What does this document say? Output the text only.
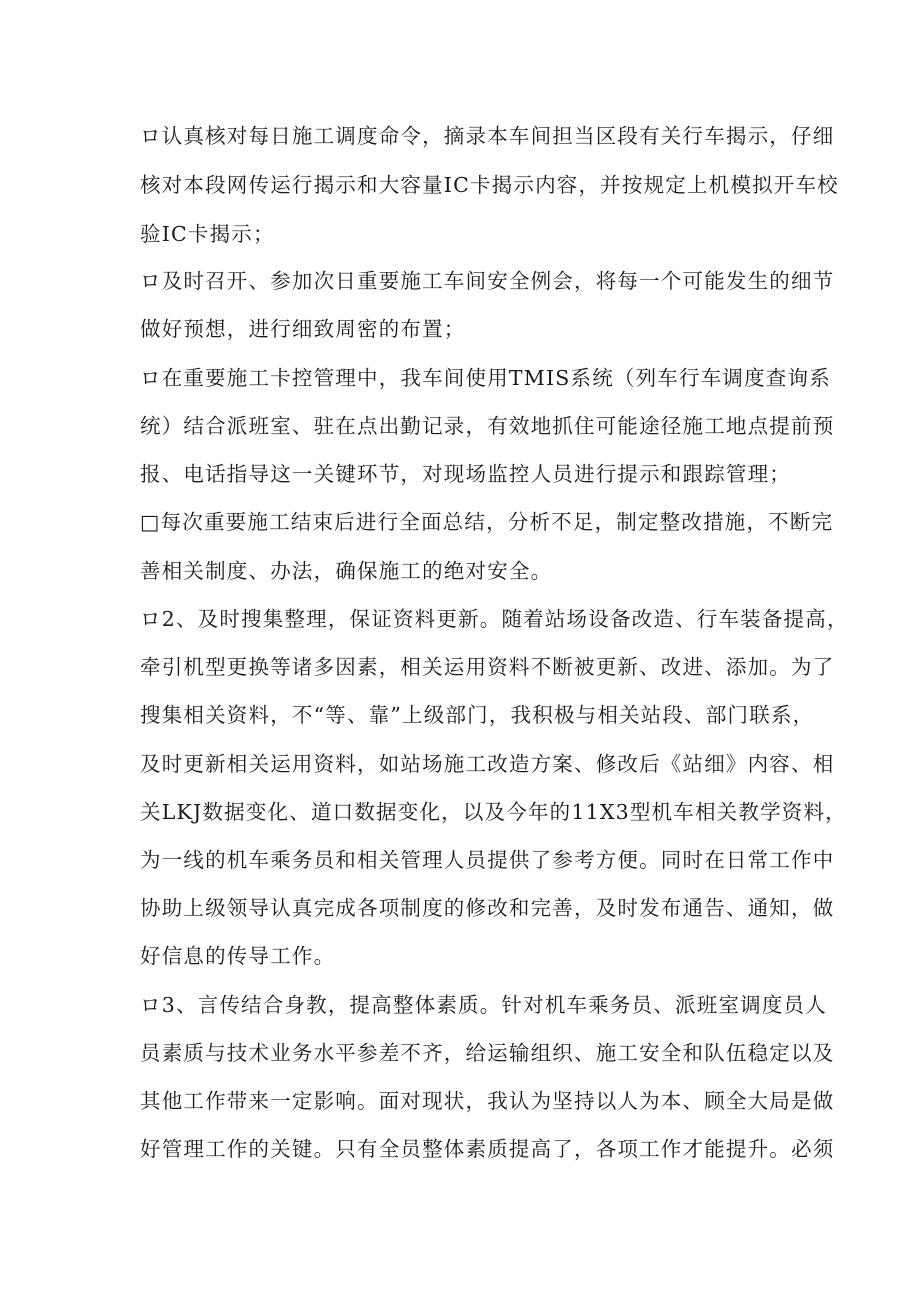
ロ认真核对每日施工调度命令，摘录本车间担当区段有关行车揭示，仔细
核对本段网传运行揭示和大容量IC卡揭示内容，并按规定上机模拟开车校
验IC卡揭示；
ロ及时召开、参加次日重要施工车间安全例会，将每一个可能发生的细节
做好预想，进行细致周密的布置；
ロ在重要施工卡控管理中，我车间使用TMIS系统（列车行车调度查询系
统）结合派班室、驻在点出勤记录，有效地抓住可能途径施工地点提前预
报、电话指导这一关键环节，对现场监控人员进行提示和跟踪管理；
□每次重要施工结束后进行全面总结，分析不足，制定整改措施，不断完
善相关制度、办法，确保施工的绝对安全。
ロ2、及时搜集整理，保证资料更新。随着站场设备改造、行车装备提高，
牵引机型更换等诸多因素，相关运用资料不断被更新、改进、添加。为了
搜集相关资料，不“等、靠”上级部门，我积极与相关站段、部门联系，
及时更新相关运用资料，如站场施工改造方案、修改后《站细》内容、相
关LKJ数据变化、道口数据变化，以及今年的11X3型机车相关教学资料，
为一线的机车乘务员和相关管理人员提供了参考方便。同时在日常工作中
协助上级领导认真完成各项制度的修改和完善，及时发布通告、通知，做
好信息的传导工作。
ロ3、言传结合身教，提高整体素质。针对机车乘务员、派班室调度员人
员素质与技术业务水平参差不齐，给运输组织、施工安全和队伍稳定以及
其他工作带来一定影响。面对现状，我认为坚持以人为本、顾全大局是做
好管理工作的关键。只有全员整体素质提高了，各项工作才能提升。必须
